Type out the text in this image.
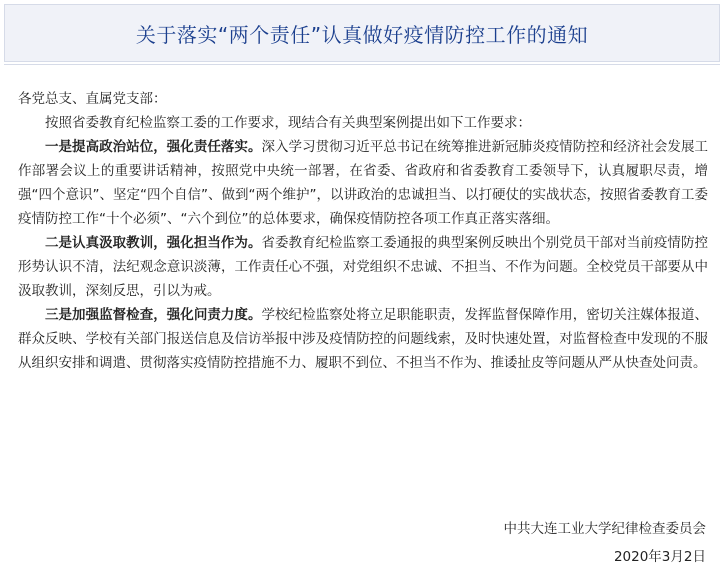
关于落实“两个责任”认真做好疫情防控工作的通知

各党总支、直属党支部：

按照省委教育纪检监察工委的工作要求，现结合有关典型案例提出如下工作要求：

一是提高政治站位，强化责任落实。深入学习贯彻习近平总书记在统筹推进新冠肺炎疫情防控和经济社会发展工作部署会议上的重要讲话精神，按照党中央统一部署，在省委、省政府和省委教育工委领导下，认真履职尽责，增强“四个意识”、坚定“四个自信”、做到“两个维护”，以讲政治的忠诚担当、以打硬仗的实战状态，按照省委教育工委疫情防控工作“十个必须”、“六个到位”的总体要求，确保疫情防控各项工作真正落实落细。

二是认真汲取教训，强化担当作为。省委教育纪检监察工委通报的典型案例反映出个别党员干部对当前疫情防控形势认识不清，法纪观念意识淡薄，工作责任心不强，对党组织不忠诚、不担当、不作为问题。全校党员干部要从中汲取教训，深刻反思，引以为戒。

三是加强监督检查，强化问责力度。学校纪检监察处将立足职能职责，发挥监督保障作用，密切关注媒体报道、群众反映、学校有关部门报送信息及信访举报中涉及疫情防控的问题线索，及时快速处置，对监督检查中发现的不服从组织安排和调遣、贯彻落实疫情防控措施不力、履职不到位、不担当不作为、推诿扯皮等问题从严从快查处问责。

中共大连工业大学纪律检查委员会
2020年3月2日
